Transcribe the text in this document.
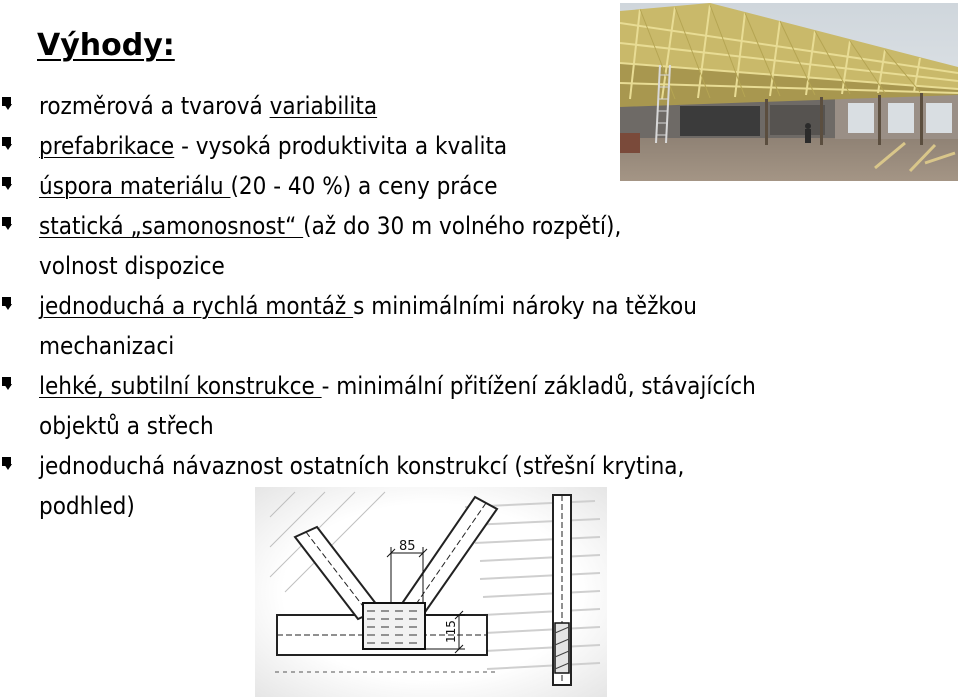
Výhody:
rozměrová a tvarová variabilita
prefabrikace - vysoká produktivita a kvalita
úspora materiálu (20 - 40 %) a ceny práce
statická „samonosnost“ (až do 30 m volného rozpětí),
volnost dispozice
jednoduchá a rychlá montáž s minimálními nároky na těžkou
mechanizaci
lehké, subtilní konstrukce - minimální přitížení základů, stávajících
objektů a střech
jednoduchá návaznost ostatních konstrukcí (střešní krytina,
podhled)
85
115
